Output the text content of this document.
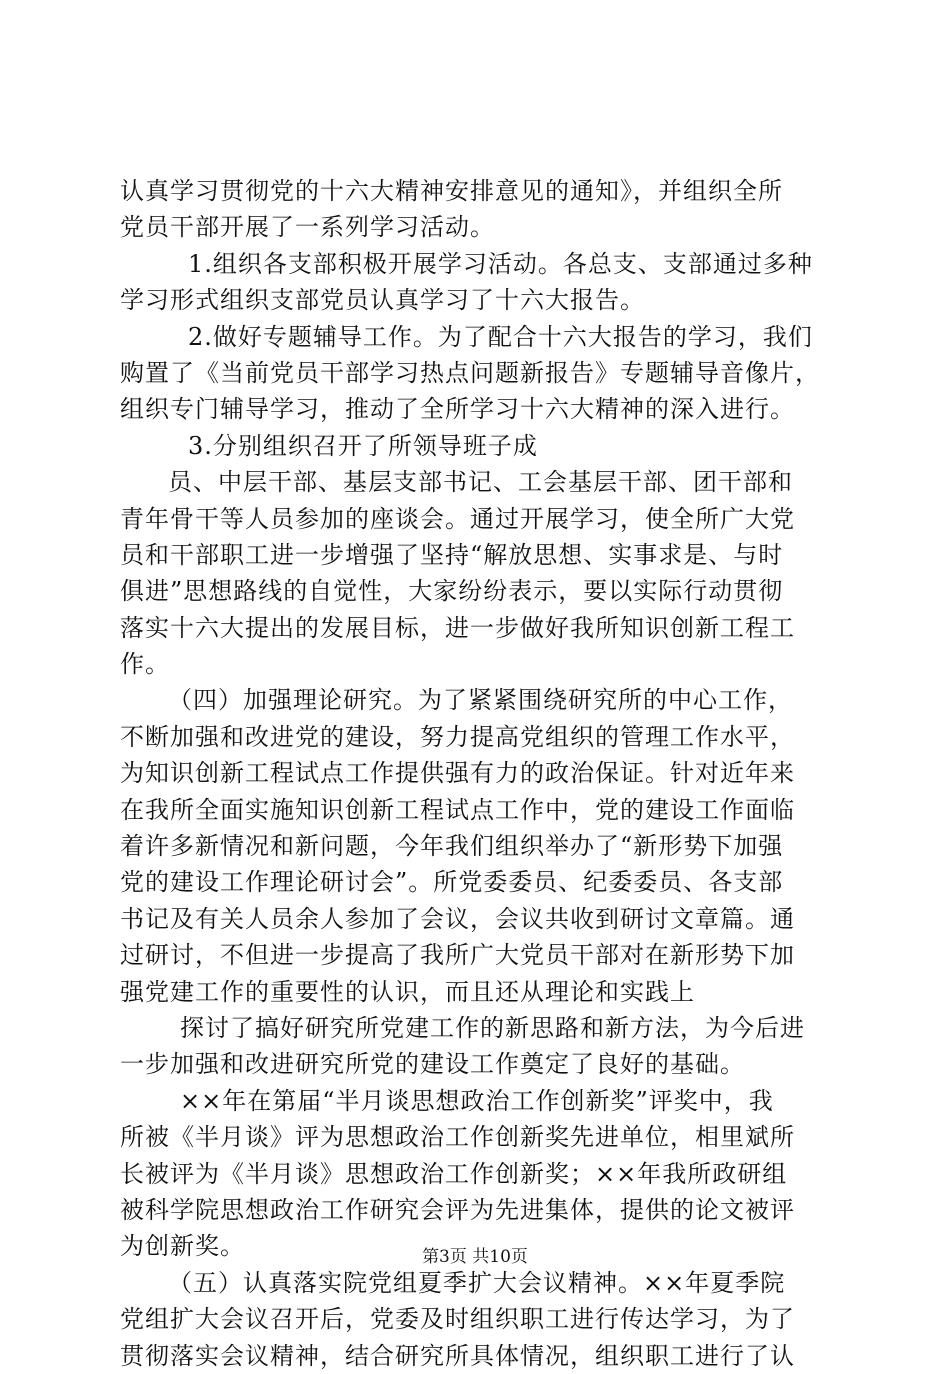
认真学习贯彻党的十六大精神安排意见的通知》，并组织全所
党员干部开展了一系列学习活动。
1.组织各支部积极开展学习活动。各总支、支部通过多种
学习形式组织支部党员认真学习了十六大报告。
2.做好专题辅导工作。为了配合十六大报告的学习，我们
购置了《当前党员干部学习热点问题新报告》专题辅导音像片，
组织专门辅导学习，推动了全所学习十六大精神的深入进行。
3.分别组织召开了所领导班子成
员、中层干部、基层支部书记、工会基层干部、团干部和
青年骨干等人员参加的座谈会。通过开展学习，使全所广大党
员和干部职工进一步增强了坚持“解放思想、实事求是、与时
俱进”思想路线的自觉性，大家纷纷表示，要以实际行动贯彻
落实十六大提出的发展目标，进一步做好我所知识创新工程工
作。
（四）加强理论研究。为了紧紧围绕研究所的中心工作，
不断加强和改进党的建设，努力提高党组织的管理工作水平，
为知识创新工程试点工作提供强有力的政治保证。针对近年来
在我所全面实施知识创新工程试点工作中，党的建设工作面临
着许多新情况和新问题，今年我们组织举办了“新形势下加强
党的建设工作理论研讨会”。所党委委员、纪委委员、各支部
书记及有关人员余人参加了会议，会议共收到研讨文章篇。通
过研讨，不但进一步提高了我所广大党员干部对在新形势下加
强党建工作的重要性的认识，而且还从理论和实践上
探讨了搞好研究所党建工作的新思路和新方法，为今后进
一步加强和改进研究所党的建设工作奠定了良好的基础。
××年在第届“半月谈思想政治工作创新奖”评奖中，我
所被《半月谈》评为思想政治工作创新奖先进单位，相里斌所
长被评为《半月谈》思想政治工作创新奖；××年我所政研组
被科学院思想政治工作研究会评为先进集体，提供的论文被评
为创新奖。
（五）认真落实院党组夏季扩大会议精神。××年夏季院
党组扩大会议召开后，党委及时组织职工进行传达学习，为了
贯彻落实会议精神，结合研究所具体情况，组织职工进行了认
第3页 共10页
